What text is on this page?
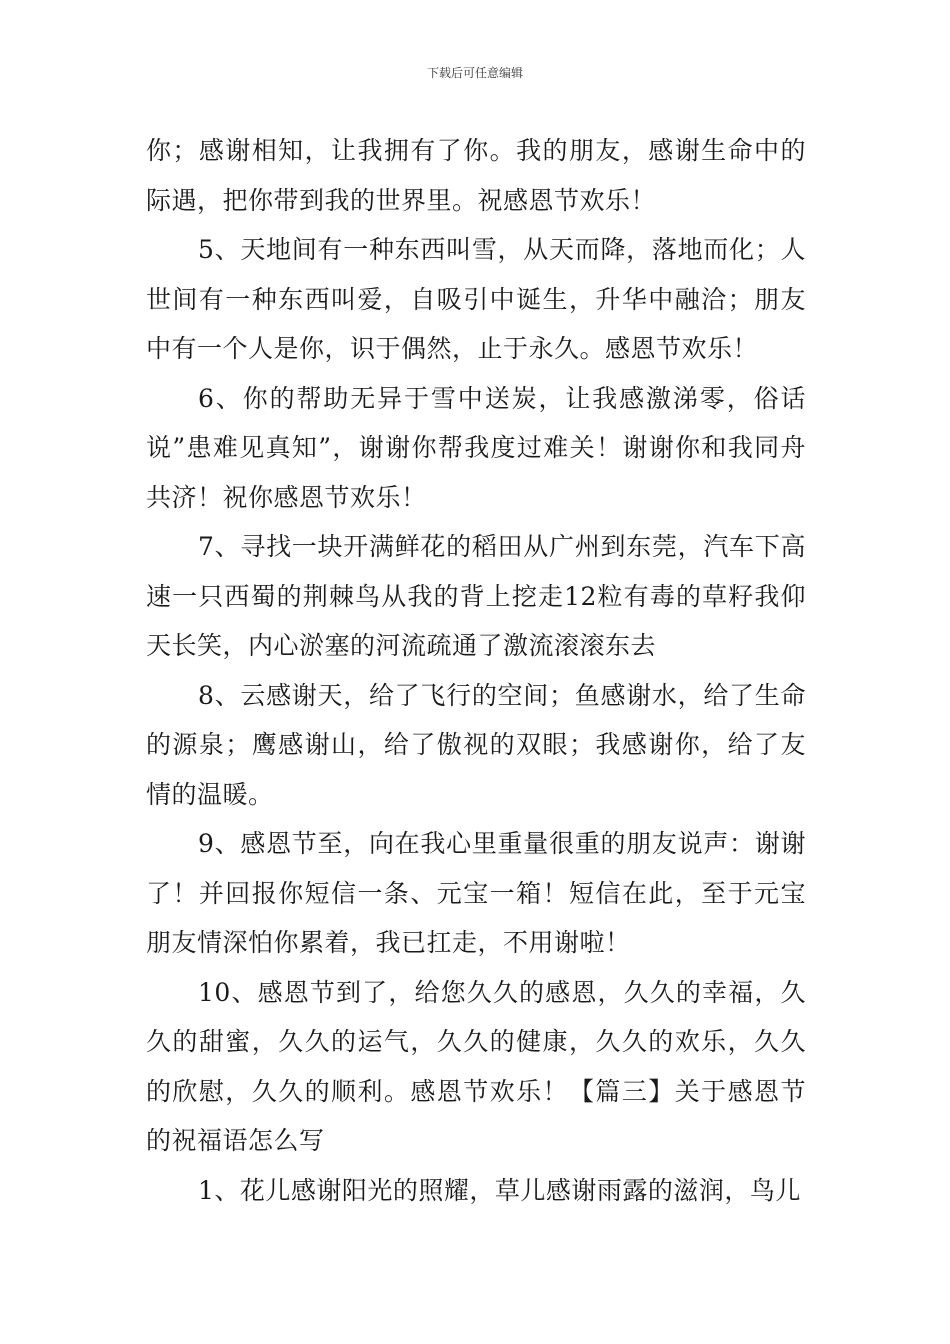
下载后可任意编辑

你；感谢相知，让我拥有了你。我的朋友，感谢生命中的际遇，把你带到我的世界里。祝感恩节欢乐！

5、天地间有一种东西叫雪，从天而降，落地而化；人世间有一种东西叫爱，自吸引中诞生，升华中融洽；朋友中有一个人是你，识于偶然，止于永久。感恩节欢乐！

6、你的帮助无异于雪中送炭，让我感激涕零，俗话说”患难见真知”，谢谢你帮我度过难关！谢谢你和我同舟共济！祝你感恩节欢乐！

7、寻找一块开满鲜花的稻田从广州到东莞，汽车下高速一只西蜀的荆棘鸟从我的背上挖走12粒有毒的草籽我仰天长笑，内心淤塞的河流疏通了激流滚滚东去

8、云感谢天，给了飞行的空间；鱼感谢水，给了生命的源泉；鹰感谢山，给了傲视的双眼；我感谢你，给了友情的温暖。

9、感恩节至，向在我心里重量很重的朋友说声：谢谢了！并回报你短信一条、元宝一箱！短信在此，至于元宝朋友情深怕你累着，我已扛走，不用谢啦！

10、感恩节到了，给您久久的感恩，久久的幸福，久久的甜蜜，久久的运气，久久的健康，久久的欢乐，久久的欣慰，久久的顺利。感恩节欢乐！【篇三】关于感恩节的祝福语怎么写

1、花儿感谢阳光的照耀，草儿感谢雨露的滋润，鸟儿
